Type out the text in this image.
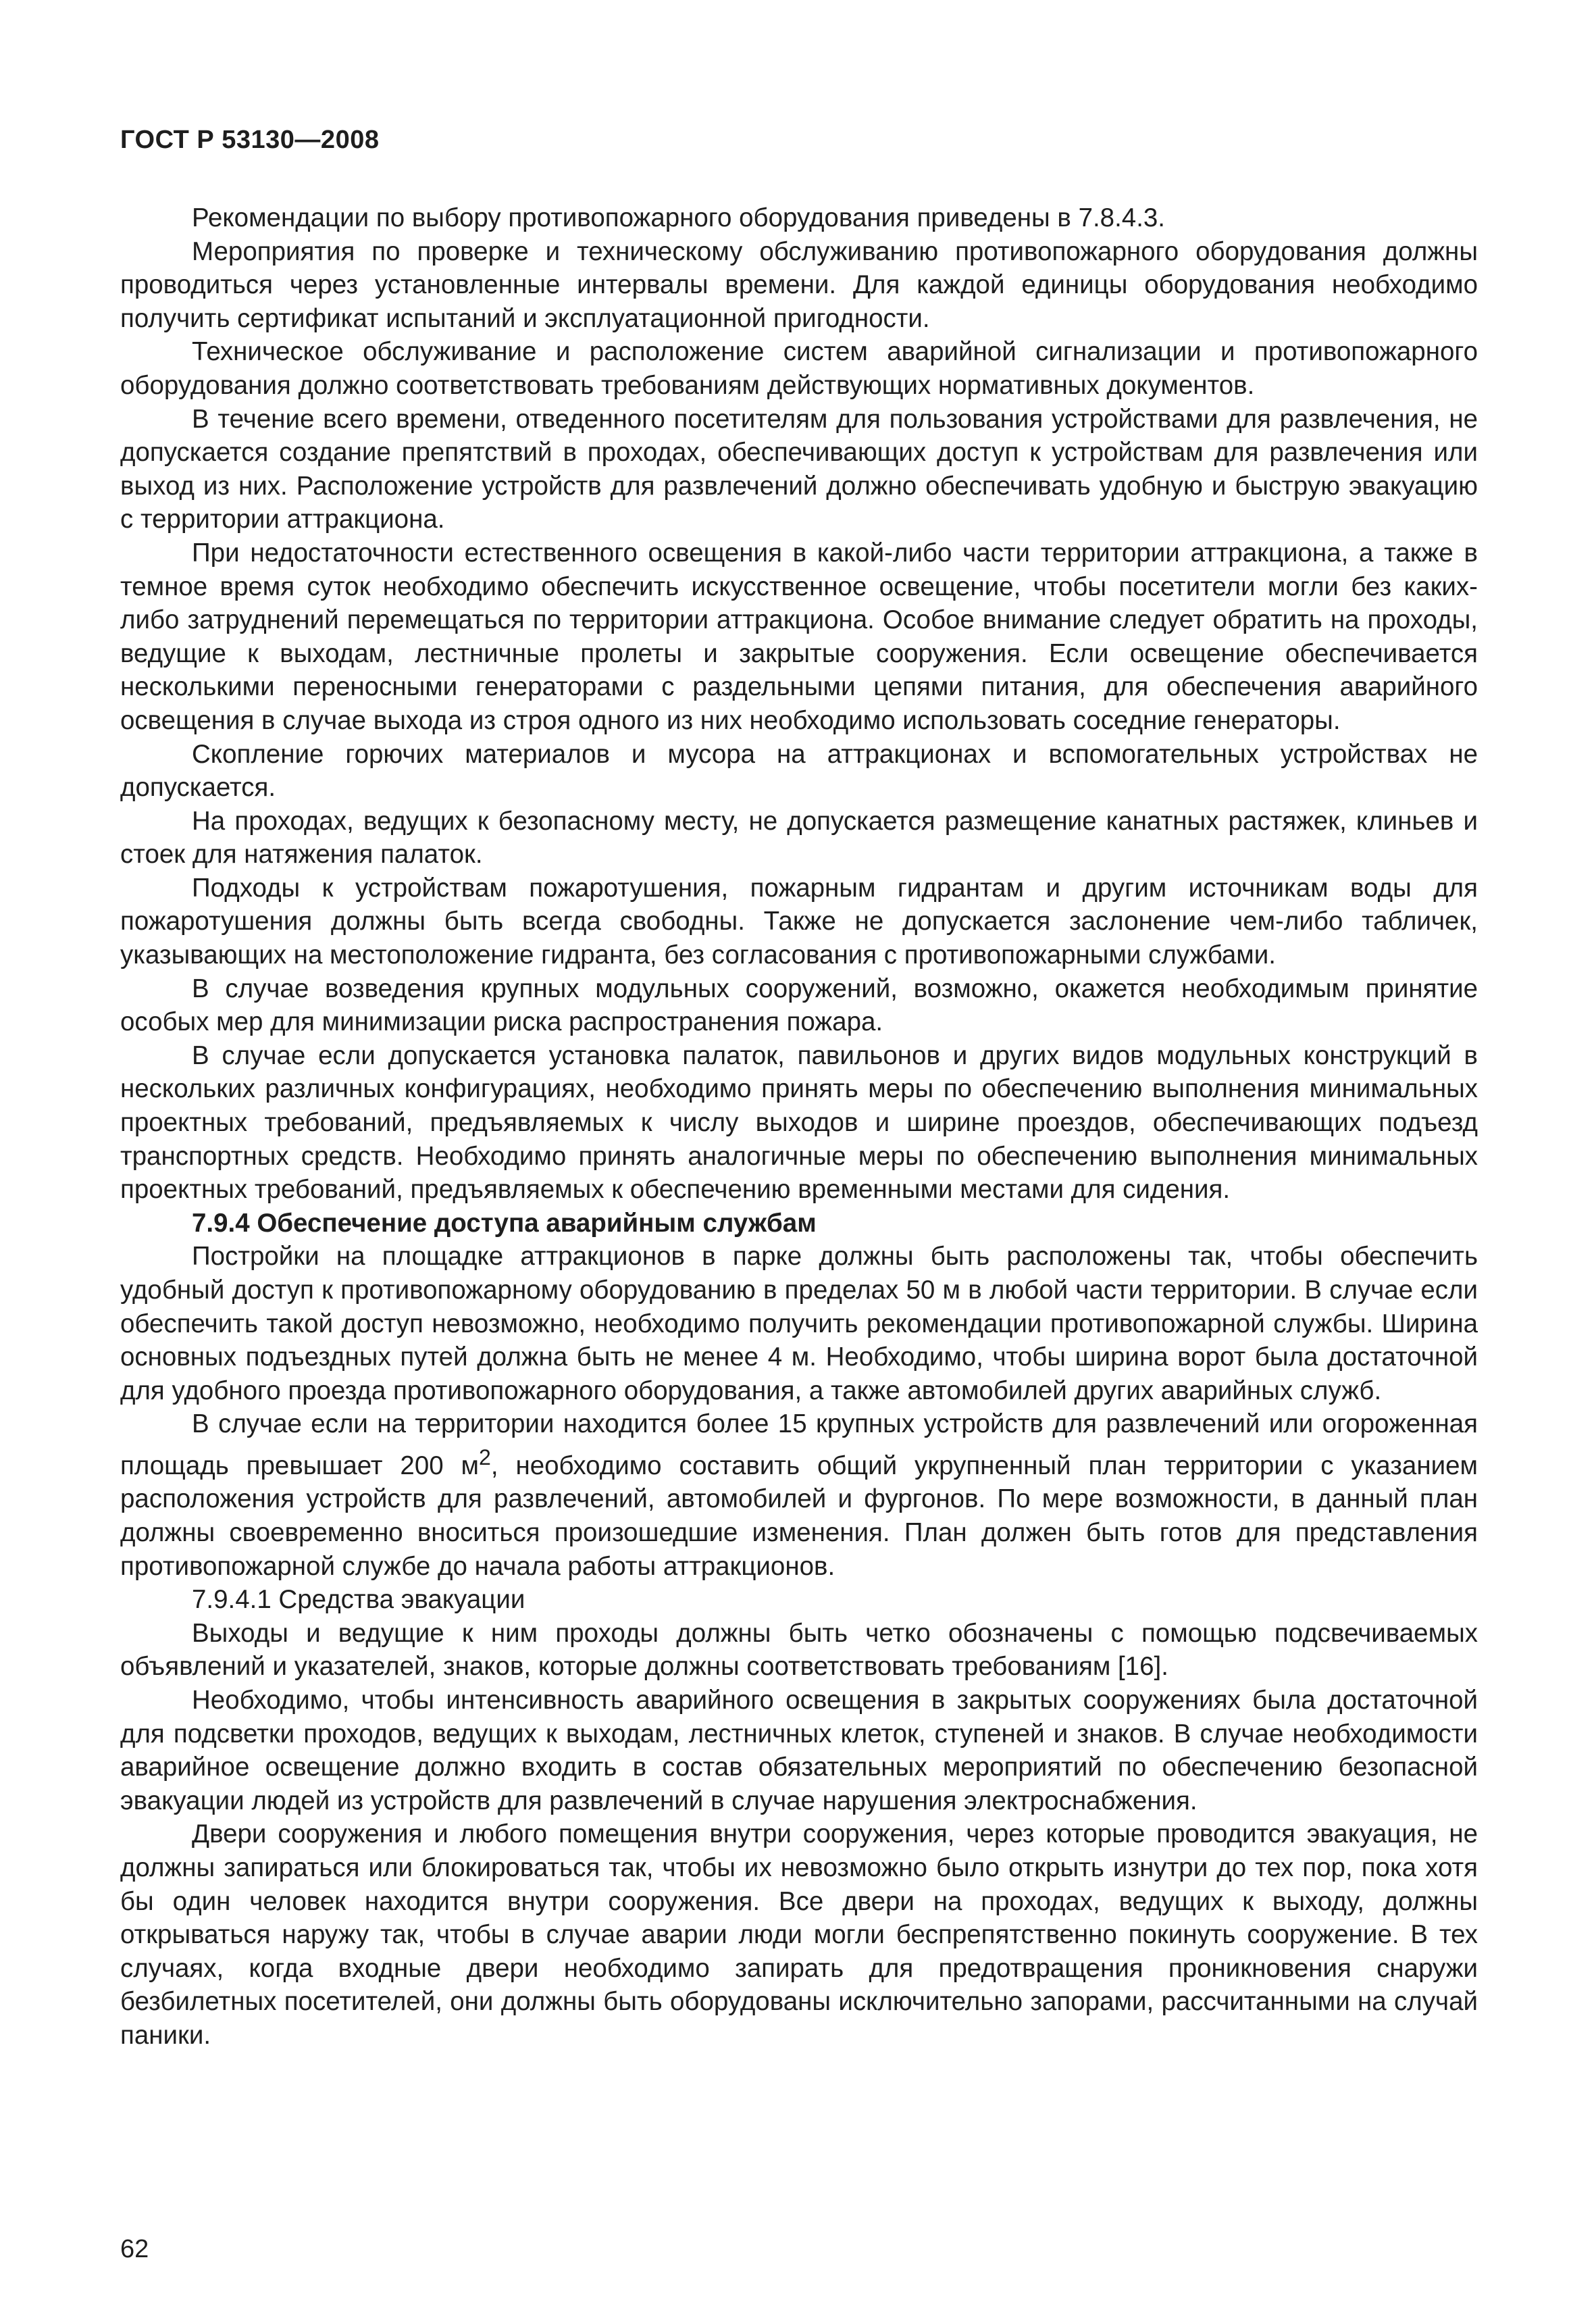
ГОСТ Р 53130—2008

Рекомендации по выбору противопожарного оборудования приведены в 7.8.4.3.

Мероприятия по проверке и техническому обслуживанию противопожарного оборудования должны проводиться через установленные интервалы времени. Для каждой единицы оборудования необходимо получить сертификат испытаний и эксплуатационной пригодности.

Техническое обслуживание и расположение систем аварийной сигнализации и противопожарного оборудования должно соответствовать требованиям действующих нормативных документов.

В течение всего времени, отведенного посетителям для пользования устройствами для развлечения, не допускается создание препятствий в проходах, обеспечивающих доступ к устройствам для развлечения или выход из них. Расположение устройств для развлечений должно обеспечивать удобную и быструю эвакуацию с территории аттракциона.

При недостаточности естественного освещения в какой-либо части территории аттракциона, а также в темное время суток необходимо обеспечить искусственное освещение, чтобы посетители могли без каких-либо затруднений перемещаться по территории аттракциона. Особое внимание следует обратить на проходы, ведущие к выходам, лестничные пролеты и закрытые сооружения. Если освещение обеспечивается несколькими переносными генераторами с раздельными цепями питания, для обеспечения аварийного освещения в случае выхода из строя одного из них необходимо использовать соседние генераторы.

Скопление горючих материалов и мусора на аттракционах и вспомогательных устройствах не допускается.

На проходах, ведущих к безопасному месту, не допускается размещение канатных растяжек, клиньев и стоек для натяжения палаток.

Подходы к устройствам пожаротушения, пожарным гидрантам и другим источникам воды для пожаротушения должны быть всегда свободны. Также не допускается заслонение чем-либо табличек, указывающих на местоположение гидранта, без согласования с противопожарными службами.

В случае возведения крупных модульных сооружений, возможно, окажется необходимым принятие особых мер для минимизации риска распространения пожара.

В случае если допускается установка палаток, павильонов и других видов модульных конструкций в нескольких различных конфигурациях, необходимо принять меры по обеспечению выполнения минимальных проектных требований, предъявляемых к числу выходов и ширине проездов, обеспечивающих подъезд транспортных средств. Необходимо принять аналогичные меры по обеспечению выполнения минимальных проектных требований, предъявляемых к обеспечению временными местами для сидения.

7.9.4 Обеспечение доступа аварийным службам

Постройки на площадке аттракционов в парке должны быть расположены так, чтобы обеспечить удобный доступ к противопожарному оборудованию в пределах 50 м в любой части территории. В случае если обеспечить такой доступ невозможно, необходимо получить рекомендации противопожарной службы. Ширина основных подъездных путей должна быть не менее 4 м. Необходимо, чтобы ширина ворот была достаточной для удобного проезда противопожарного оборудования, а также автомобилей других аварийных служб.

В случае если на территории находится более 15 крупных устройств для развлечений или огороженная площадь превышает 200 $м^2$, необходимо составить общий укрупненный план территории с указанием расположения устройств для развлечений, автомобилей и фургонов. По мере возможности, в данный план должны своевременно вноситься произошедшие изменения. План должен быть готов для представления противопожарной службе до начала работы аттракционов.

7.9.4.1 Средства эвакуации

Выходы и ведущие к ним проходы должны быть четко обозначены с помощью подсвечиваемых объявлений и указателей, знаков, которые должны соответствовать требованиям [16].

Необходимо, чтобы интенсивность аварийного освещения в закрытых сооружениях была достаточной для подсветки проходов, ведущих к выходам, лестничных клеток, ступеней и знаков. В случае необходимости аварийное освещение должно входить в состав обязательных мероприятий по обеспечению безопасной эвакуации людей из устройств для развлечений в случае нарушения электроснабжения.

Двери сооружения и любого помещения внутри сооружения, через которые проводится эвакуация, не должны запираться или блокироваться так, чтобы их невозможно было открыть изнутри до тех пор, пока хотя бы один человек находится внутри сооружения. Все двери на проходах, ведущих к выходу, должны открываться наружу так, чтобы в случае аварии люди могли беспрепятственно покинуть сооружение. В тех случаях, когда входные двери необходимо запирать для предотвращения проникновения снаружи безбилетных посетителей, они должны быть оборудованы исключительно запорами, рассчитанными на случай паники.

62
